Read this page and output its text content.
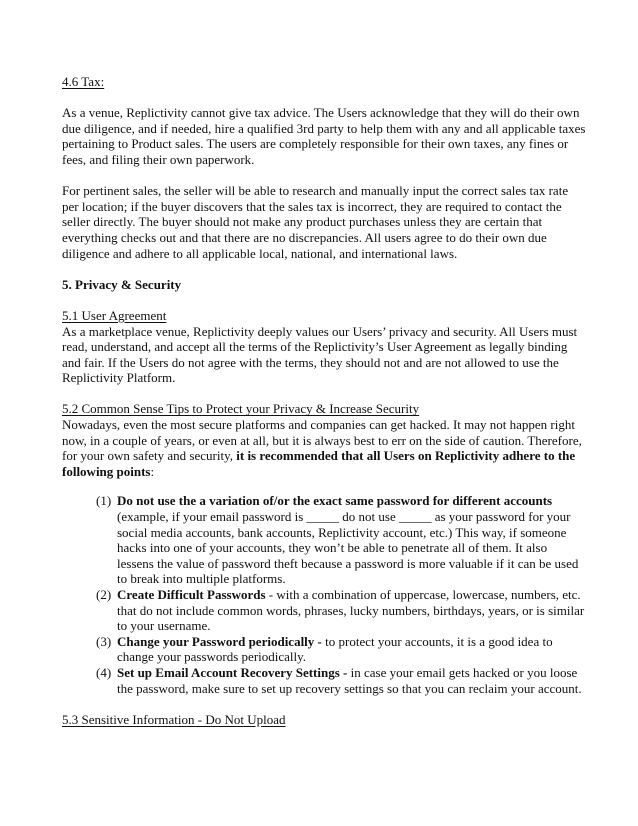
4.6 Tax:

As a venue, Replictivity cannot give tax advice. The Users acknowledge that they will do their own due diligence, and if needed, hire a qualified 3rd party to help them with any and all applicable taxes pertaining to Product sales. The users are completely responsible for their own taxes, any fines or fees, and filing their own paperwork.

For pertinent sales, the seller will be able to research and manually input the correct sales tax rate per location; if the buyer discovers that the sales tax is incorrect, they are required to contact the seller directly. The buyer should not make any product purchases unless they are certain that everything checks out and that there are no discrepancies. All users agree to do their own due diligence and adhere to all applicable local, national, and international laws.

5. Privacy & Security

5.1 User Agreement

As a marketplace venue, Replictivity deeply values our Users’ privacy and security. All Users must read, understand, and accept all the terms of the Replictivity’s User Agreement as legally binding and fair. If the Users do not agree with the terms, they should not and are not allowed to use the Replictivity Platform.

5.2 Common Sense Tips to Protect your Privacy & Increase Security

Nowadays, even the most secure platforms and companies can get hacked. It may not happen right now, in a couple of years, or even at all, but it is always best to err on the side of caution. Therefore, for your own safety and security, it is recommended that all Users on Replictivity adhere to the following points:

(1) Do not use the a variation of/or the exact same password for different accounts (example, if your email password is _____ do not use _____ as your password for your social media accounts, bank accounts, Replictivity account, etc.) This way, if someone hacks into one of your accounts, they won’t be able to penetrate all of them. It also lessens the value of password theft because a password is more valuable if it can be used to break into multiple platforms.
(2) Create Difficult Passwords - with a combination of uppercase, lowercase, numbers, etc. that do not include common words, phrases, lucky numbers, birthdays, years, or is similar to your username.
(3) Change your Password periodically - to protect your accounts, it is a good idea to change your passwords periodically.
(4) Set up Email Account Recovery Settings - in case your email gets hacked or you loose the password, make sure to set up recovery settings so that you can reclaim your account.

5.3 Sensitive Information - Do Not Upload
